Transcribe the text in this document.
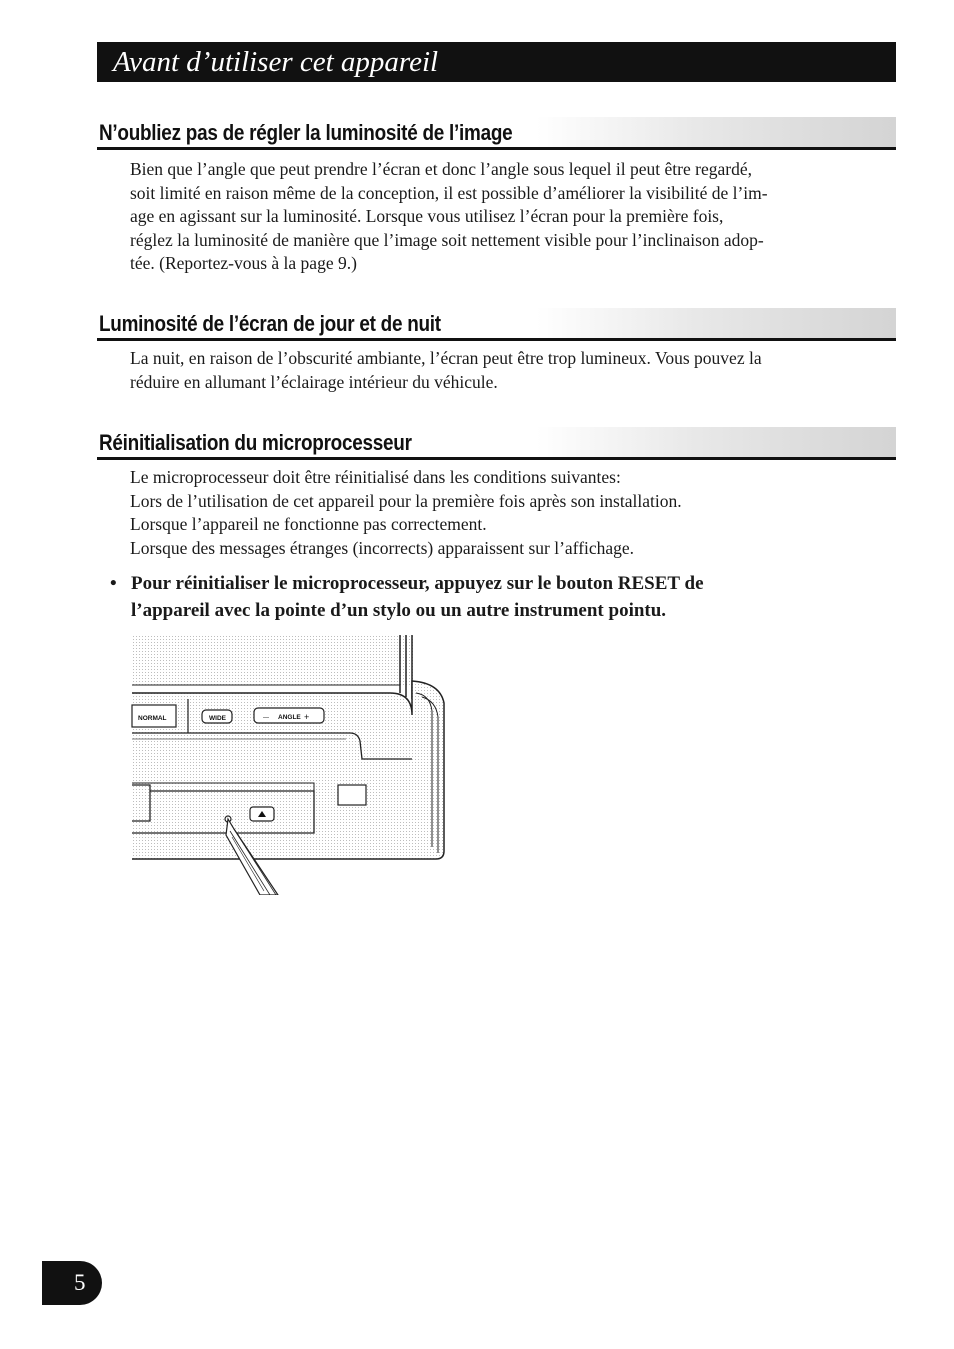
Avant d’utiliser cet appareil
N’oubliez pas de régler la luminosité de l’image
Bien que l’angle que peut prendre l’écran et donc l’angle sous lequel il peut être regardé,
soit limité en raison même de la conception, il est possible d’améliorer la visibilité de l’im-
age en agissant sur la luminosité. Lorsque vous utilisez l’écran pour la première fois,
réglez la luminosité de manière que l’image soit nettement visible pour l’inclinaison adop-
tée. (Reportez-vous à la page 9.)
Luminosité de l’écran de jour et de nuit
La nuit, en raison de l’obscurité ambiante, l’écran peut être trop lumineux. Vous pouvez la
réduire en allumant l’éclairage intérieur du véhicule.
Réinitialisation du microprocesseur
Le microprocesseur doit être réinitialisé dans les conditions suivantes:
Lors de l’utilisation de cet appareil pour la première fois après son installation.
Lorsque l’appareil ne fonctionne pas correctement.
Lorsque des messages étranges (incorrects) apparaissent sur l’affichage.
• Pour réinitialiser le microprocesseur, appuyez sur le bouton RESET de
l’appareil avec la pointe d’un stylo ou un autre instrument pointu.
NORMAL	WIDE	— ANGLE +
5
